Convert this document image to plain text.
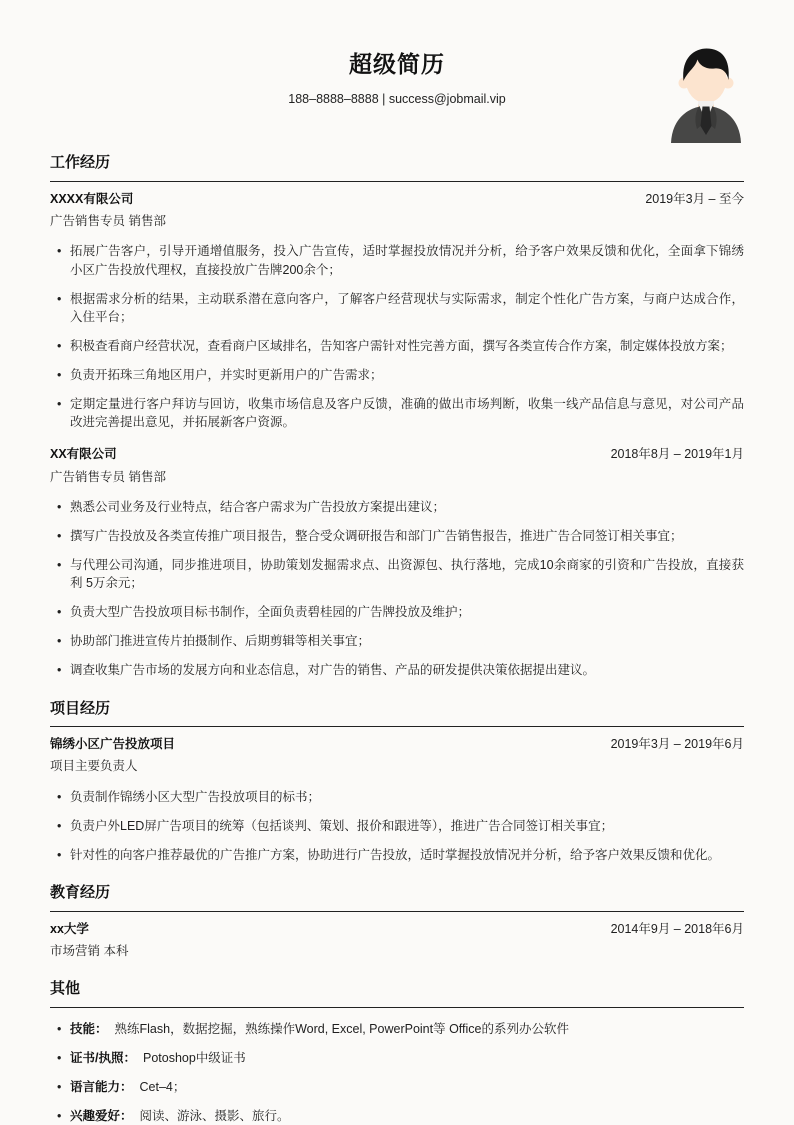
超级简历

188–8888–8888 | success@jobmail.vip

工作经历
XXXX有限公司	2019年3月 – 至今
广告销售专员 销售部
• 拓展广告客户，引导开通增值服务，投入广告宣传，适时掌握投放情况并分析，给予客户效果反馈和优化，全面拿下锦绣小区广告投放代理权，直接投放广告牌200余个；
• 根据需求分析的结果，主动联系潜在意向客户，了解客户经营现状与实际需求，制定个性化广告方案，与商户达成合作，入住平台；
• 积极查看商户经营状况，查看商户区域排名，告知客户需针对性完善方面，撰写各类宣传合作方案，制定媒体投放方案；
• 负责开拓珠三角地区用户，并实时更新用户的广告需求；
• 定期定量进行客户拜访与回访，收集市场信息及客户反馈，准确的做出市场判断，收集一线产品信息与意见，对公司产品改进完善提出意见，并拓展新客户资源。
XX有限公司	2018年8月 – 2019年1月
广告销售专员 销售部
• 熟悉公司业务及行业特点，结合客户需求为广告投放方案提出建议；
• 撰写广告投放及各类宣传推广项目报告，整合受众调研报告和部门广告销售报告，推进广告合同签订相关事宜；
• 与代理公司沟通，同步推进项目，协助策划发掘需求点、出资源包、执行落地，完成10余商家的引资和广告投放，直接获利 5万余元；
• 负责大型广告投放项目标书制作，全面负责碧桂园的广告牌投放及维护；
• 协助部门推进宣传片拍摄制作、后期剪辑等相关事宜；
• 调查收集广告市场的发展方向和业态信息，对广告的销售、产品的研发提供决策依据提出建议。
项目经历
锦绣小区广告投放项目	2019年3月 – 2019年6月
项目主要负责人
• 负责制作锦绣小区大型广告投放项目的标书；
• 负责户外LED屏广告项目的统筹（包括谈判、策划、报价和跟进等），推进广告合同签订相关事宜；
• 针对性的向客户推荐最优的广告推广方案，协助进行广告投放，适时掌握投放情况并分析，给予客户效果反馈和优化。
教育经历
xx大学	2014年9月 – 2018年6月
市场营销 本科
其他
• 技能： 熟练Flash，数据挖掘，熟练操作Word, Excel, PowerPoint等 Office的系列办公软件
• 证书/执照： Potoshop中级证书
• 语言能力： Cet–4；
• 兴趣爱好： 阅读、游泳、摄影、旅行。
